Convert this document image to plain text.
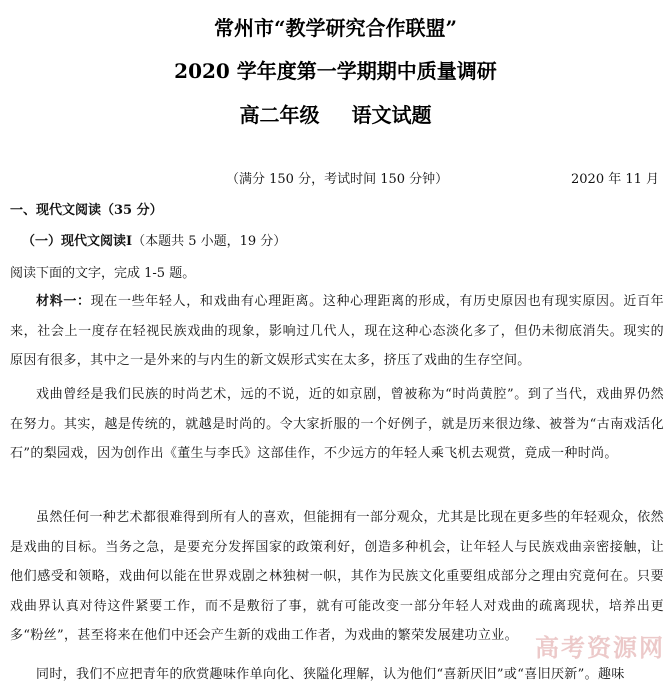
常州市“教学研究合作联盟”
2020 学年度第一学期期中质量调研
高二年级 语文试题
（满分 150 分，考试时间 150 分钟）	2020 年 11 月
一、现代文阅读（35 分）
（一）现代文阅读Ⅰ（本题共 5 小题，19 分）
阅读下面的文字，完成 1-5 题。
材料一：现在一些年轻人，和戏曲有心理距离。这种心理距离的形成，有历史原因也有现实原因。近百年来，社会上一度存在轻视民族戏曲的现象，影响过几代人，现在这种心态淡化多了，但仍未彻底消失。现实的原因有很多，其中之一是外来的与内生的新文娱形式实在太多，挤压了戏曲的生存空间。
戏曲曾经是我们民族的时尚艺术，远的不说，近的如京剧，曾被称为“时尚黄腔”。到了当代，戏曲界仍然在努力。其实，越是传统的，就越是时尚的。令大家折服的一个好例子，就是历来很边缘、被誉为“古南戏活化石”的梨园戏，因为创作出《董生与李氏》这部佳作，不少远方的年轻人乘飞机去观赏，竟成一种时尚。
虽然任何一种艺术都很难得到所有人的喜欢，但能拥有一部分观众，尤其是比现在更多些的年轻观众，依然是戏曲的目标。当务之急，是要充分发挥国家的政策利好，创造多种机会，让年轻人与民族戏曲亲密接触，让他们感受和领略，戏曲何以能在世界戏剧之林独树一帜，其作为民族文化重要组成部分之理由究竟何在。只要戏曲界认真对待这件紧要工作，而不是敷衍了事，就有可能改变一部分年轻人对戏曲的疏离现状，培养出更多“粉丝”，甚至将来在他们中还会产生新的戏曲工作者，为戏曲的繁荣发展建功立业。
同时，我们不应把青年的欣赏趣味作单向化、狭隘化理解，认为他们“喜新厌旧”或“喜旧厌新”。趣味
高考资源网
